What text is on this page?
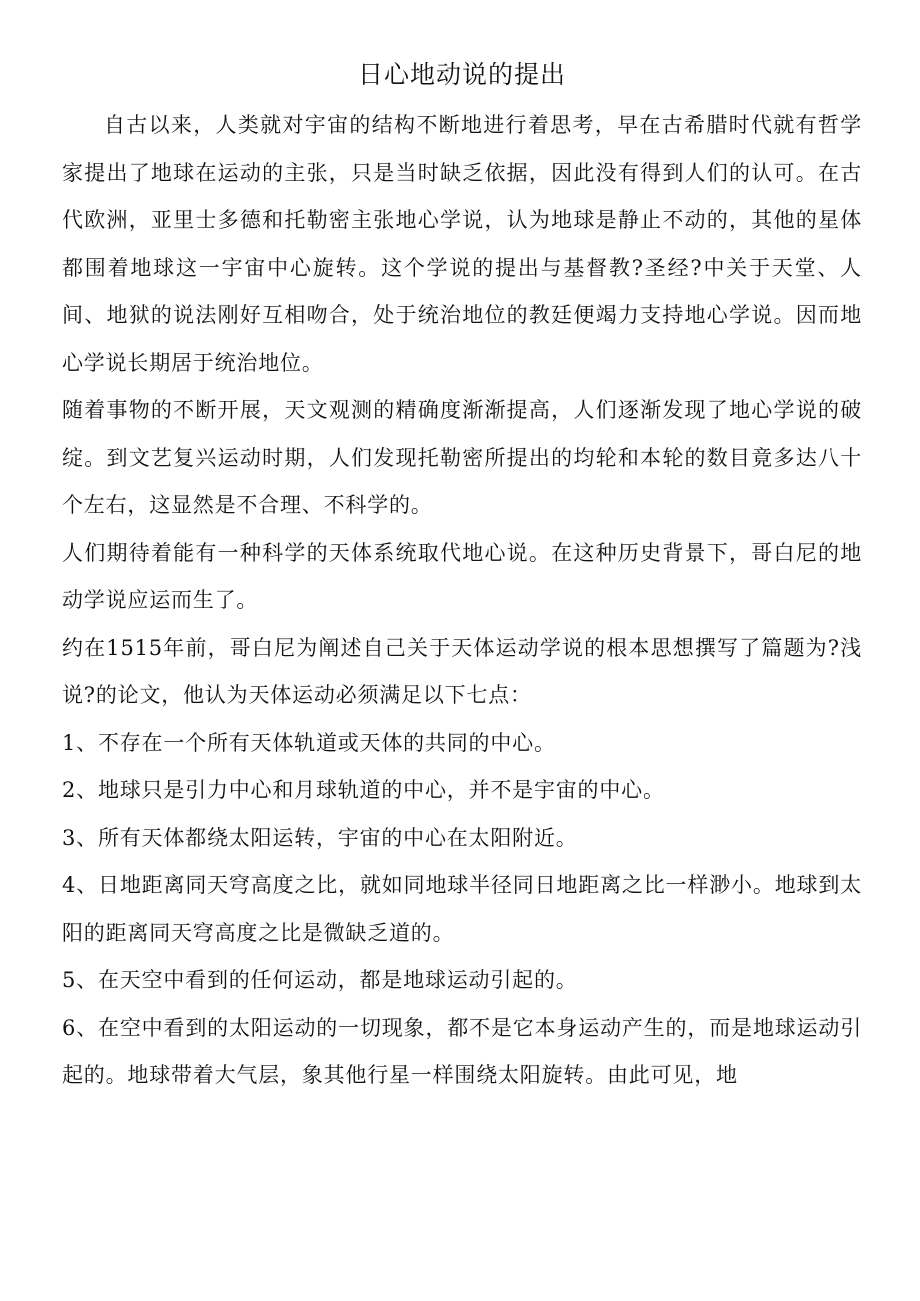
日心地动说的提出

自古以来，人类就对宇宙的结构不断地进行着思考，早在古希腊时代就有哲学家提出了地球在运动的主张，只是当时缺乏依据，因此没有得到人们的认可。在古代欧洲，亚里士多德和托勒密主张地心学说，认为地球是静止不动的，其他的星体都围着地球这一宇宙中心旋转。这个学说的提出与基督教?圣经?中关于天堂、人间、地狱的说法刚好互相吻合，处于统治地位的教廷便竭力支持地心学说。因而地心学说长期居于统治地位。

随着事物的不断开展，天文观测的精确度渐渐提高，人们逐渐发现了地心学说的破绽。到文艺复兴运动时期，人们发现托勒密所提出的均轮和本轮的数目竟多达八十个左右，这显然是不合理、不科学的。

人们期待着能有一种科学的天体系统取代地心说。在这种历史背景下，哥白尼的地动学说应运而生了。

约在1515年前，哥白尼为阐述自己关于天体运动学说的根本思想撰写了篇题为?浅说?的论文，他认为天体运动必须满足以下七点：

1、不存在一个所有天体轨道或天体的共同的中心。

2、地球只是引力中心和月球轨道的中心，并不是宇宙的中心。

3、所有天体都绕太阳运转，宇宙的中心在太阳附近。

4、日地距离同天穹高度之比，就如同地球半径同日地距离之比一样渺小。地球到太阳的距离同天穹高度之比是微缺乏道的。

5、在天空中看到的任何运动，都是地球运动引起的。

6、在空中看到的太阳运动的一切现象，都不是它本身运动产生的，而是地球运动引起的。地球带着大气层，象其他行星一样围绕太阳旋转。由此可见，地
